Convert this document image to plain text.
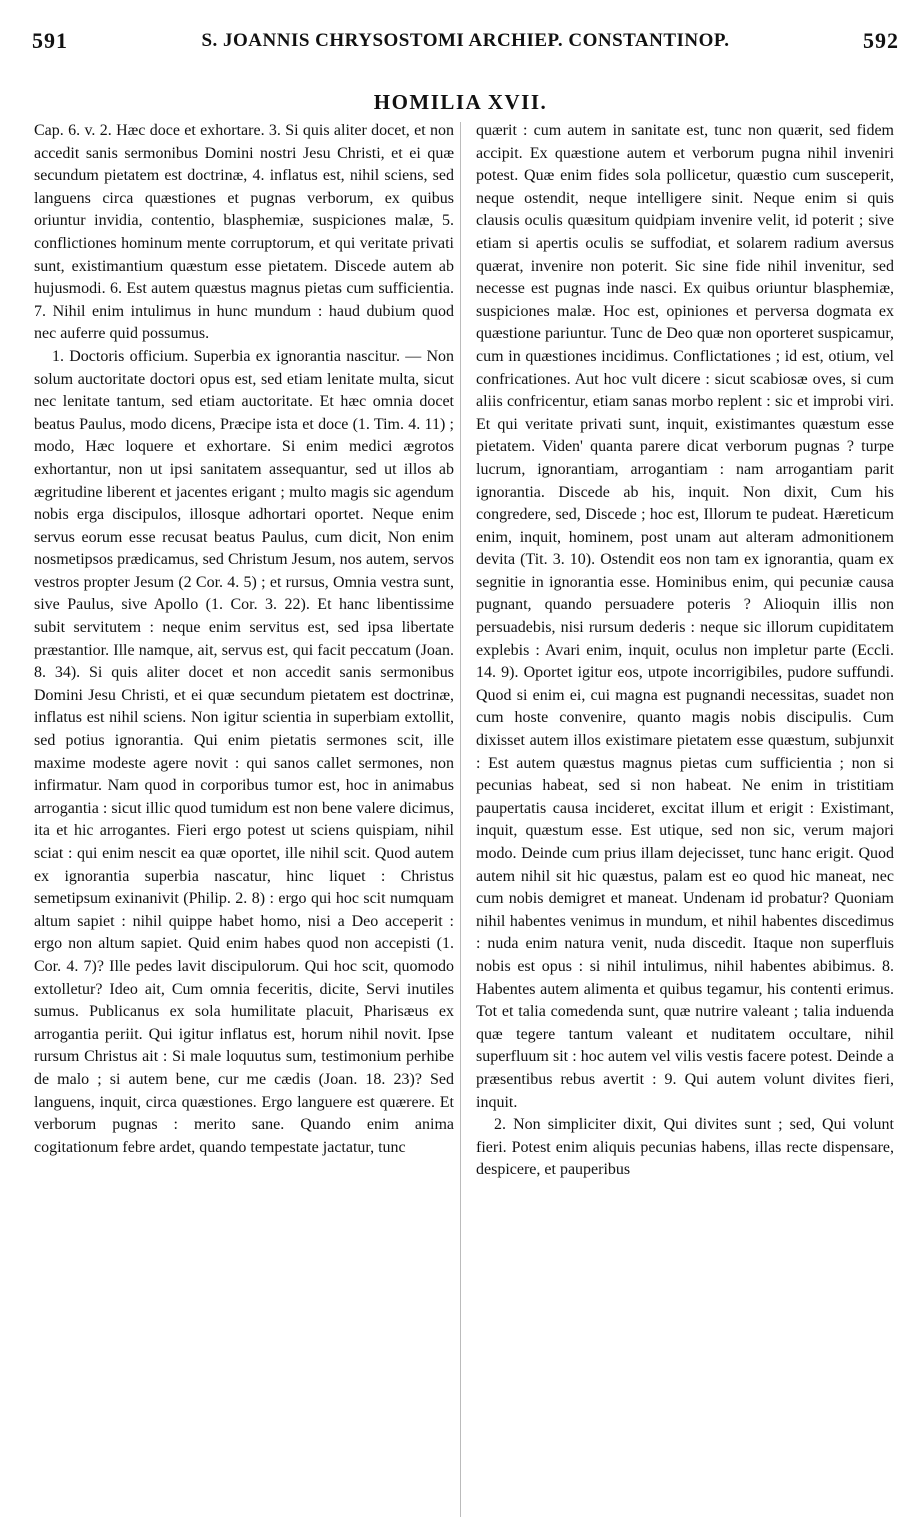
591	S. JOANNIS CHRYSOSTOMI ARCHIEP. CONSTANTINOP.	592
HOMILIA XVII.

Cap. 6. v. 2. Hæc doce et exhortare. 3. Si quis aliter docet, et non accedit sanis sermonibus Domini nostri Jesu Christi, et ei quæ secundum pietatem est doctrinæ, 4. inflatus est, nihil sciens, sed languens circa quæstiones et pugnas verborum, ex quibus oriuntur invidia, contentio, blasphemiæ, suspiciones malæ, 5. conflictiones hominum mente corruptorum, et qui veritate privati sunt, existimantium quæstum esse pietatem. Discede autem ab hujusmodi. 6. Est autem quæstus magnus pietas cum sufficientia. 7. Nihil enim intulimus in hunc mundum : haud dubium quod nec auferre quid possumus.

1. Doctoris officium. Superbia ex ignorantia nascitur. — Non solum auctoritate doctori opus est, sed etiam lenitate multa, sicut nec lenitate tantum, sed etiam auctoritate. Et hæc omnia docet beatus Paulus, modo dicens, Præcipe ista et doce (1. Tim. 4. 11) ; modo, Hæc loquere et exhortare. Si enim medici ægrotos exhortantur, non ut ipsi sanitatem assequantur, sed ut illos ab ægritudine liberent et jacentes erigant ; multo magis sic agendum nobis erga discipulos, illosque adhortari oportet. Neque enim servus eorum esse recusat beatus Paulus, cum dicit, Non enim nosmetipsos prædicamus, sed Christum Jesum, nos autem, servos vestros propter Jesum (2 Cor. 4. 5) ; et rursus, Omnia vestra sunt, sive Paulus, sive Apollo (1. Cor. 3. 22). Et hanc libentissime subit servitutem : neque enim servitus est, sed ipsa libertate præstantior. Ille namque, ait, servus est, qui facit peccatum (Joan. 8. 34). Si quis aliter docet et non accedit sanis sermonibus Domini Jesu Christi, et ei quæ secundum pietatem est doctrinæ, inflatus est nihil sciens. Non igitur scientia in superbiam extollit, sed potius ignorantia. Qui enim pietatis sermones scit, ille maxime modeste agere novit : qui sanos callet sermones, non infirmatur. Nam quod in corporibus tumor est, hoc in animabus arrogantia : sicut illic quod tumidum est non bene valere dicimus, ita et hic arrogantes. Fieri ergo potest ut sciens quispiam, nihil sciat : qui enim nescit ea quæ oportet, ille nihil scit. Quod autem ex ignorantia superbia nascatur, hinc liquet : Christus semetipsum exinanivit (Philip. 2. 8) : ergo qui hoc scit numquam altum sapiet : nihil quippe habet homo, nisi a Deo acceperit : ergo non altum sapiet. Quid enim habes quod non accepisti (1. Cor. 4. 7)? Ille pedes lavit discipulorum. Qui hoc scit, quomodo extolletur? Ideo ait, Cum omnia feceritis, dicite, Servi inutiles sumus. Publicanus ex sola humilitate placuit, Pharisæus ex arrogantia periit. Qui igitur inflatus est, horum nihil novit. Ipse rursum Christus ait : Si male loquutus sum, testimonium perhibe de malo ; si autem bene, cur me cædis (Joan. 18. 23)? Sed languens, inquit, circa quæstiones. Ergo languere est quærere. Et verborum pugnas : merito sane. Quando enim anima cogitationum febre ardet, quando tempestate jactatur, tunc

quærit : cum autem in sanitate est, tunc non quærit, sed fidem accipit. Ex quæstione autem et verborum pugna nihil inveniri potest. Quæ enim fides sola pollicetur, quæstio cum susceperit, neque ostendit, neque intelligere sinit. Neque enim si quis clausis oculis quæsitum quidpiam invenire velit, id poterit ; sive etiam si apertis oculis se suffodiat, et solarem radium aversus quærat, invenire non poterit. Sic sine fide nihil invenitur, sed necesse est pugnas inde nasci. Ex quibus oriuntur blasphemiæ, suspiciones malæ. Hoc est, opiniones et perversa dogmata ex quæstione pariuntur. Tunc de Deo quæ non oporteret suspicamur, cum in quæstiones incidimus. Conflictationes ; id est, otium, vel confricationes. Aut hoc vult dicere : sicut scabiosæ oves, si cum aliis confricentur, etiam sanas morbo replent : sic et improbi viri. Et qui veritate privati sunt, inquit, existimantes quæstum esse pietatem. Viden' quanta parere dicat verborum pugnas ? turpe lucrum, ignorantiam, arrogantiam : nam arrogantiam parit ignorantia. Discede ab his, inquit. Non dixit, Cum his congredere, sed, Discede ; hoc est, Illorum te pudeat. Hæreticum enim, inquit, hominem, post unam aut alteram admonitionem devita (Tit. 3. 10). Ostendit eos non tam ex ignorantia, quam ex segnitie in ignorantia esse. Hominibus enim, qui pecuniæ causa pugnant, quando persuadere poteris ? Alioquin illis non persuadebis, nisi rursum dederis : neque sic illorum cupiditatem explebis : Avari enim, inquit, oculus non impletur parte (Eccli. 14. 9). Oportet igitur eos, utpote incorrigibiles, pudore suffundi. Quod si enim ei, cui magna est pugnandi necessitas, suadet non cum hoste convenire, quanto magis nobis discipulis. Cum dixisset autem illos existimare pietatem esse quæstum, subjunxit : Est autem quæstus magnus pietas cum sufficientia ; non si pecunias habeat, sed si non habeat. Ne enim in tristitiam paupertatis causa incideret, excitat illum et erigit : Existimant, inquit, quæstum esse. Est utique, sed non sic, verum majori modo. Deinde cum prius illam dejecisset, tunc hanc erigit. Quod autem nihil sit hic quæstus, palam est eo quod hic maneat, nec cum nobis demigret et maneat. Undenam id probatur? Quoniam nihil habentes venimus in mundum, et nihil habentes discedimus : nuda enim natura venit, nuda discedit. Itaque non superfluis nobis est opus : si nihil intulimus, nihil habentes abibimus. 8. Habentes autem alimenta et quibus tegamur, his contenti erimus. Tot et talia comedenda sunt, quæ nutrire valeant ; talia induenda quæ tegere tantum valeant et nuditatem occultare, nihil superfluum sit : hoc autem vel vilis vestis facere potest. Deinde a præsentibus rebus avertit : 9. Qui autem volunt divites fieri, inquit.

2. Non simpliciter dixit, Qui divites sunt ; sed, Qui volunt fieri. Potest enim aliquis pecunias habens, illas recte dispensare, despicere, et pauperibus
